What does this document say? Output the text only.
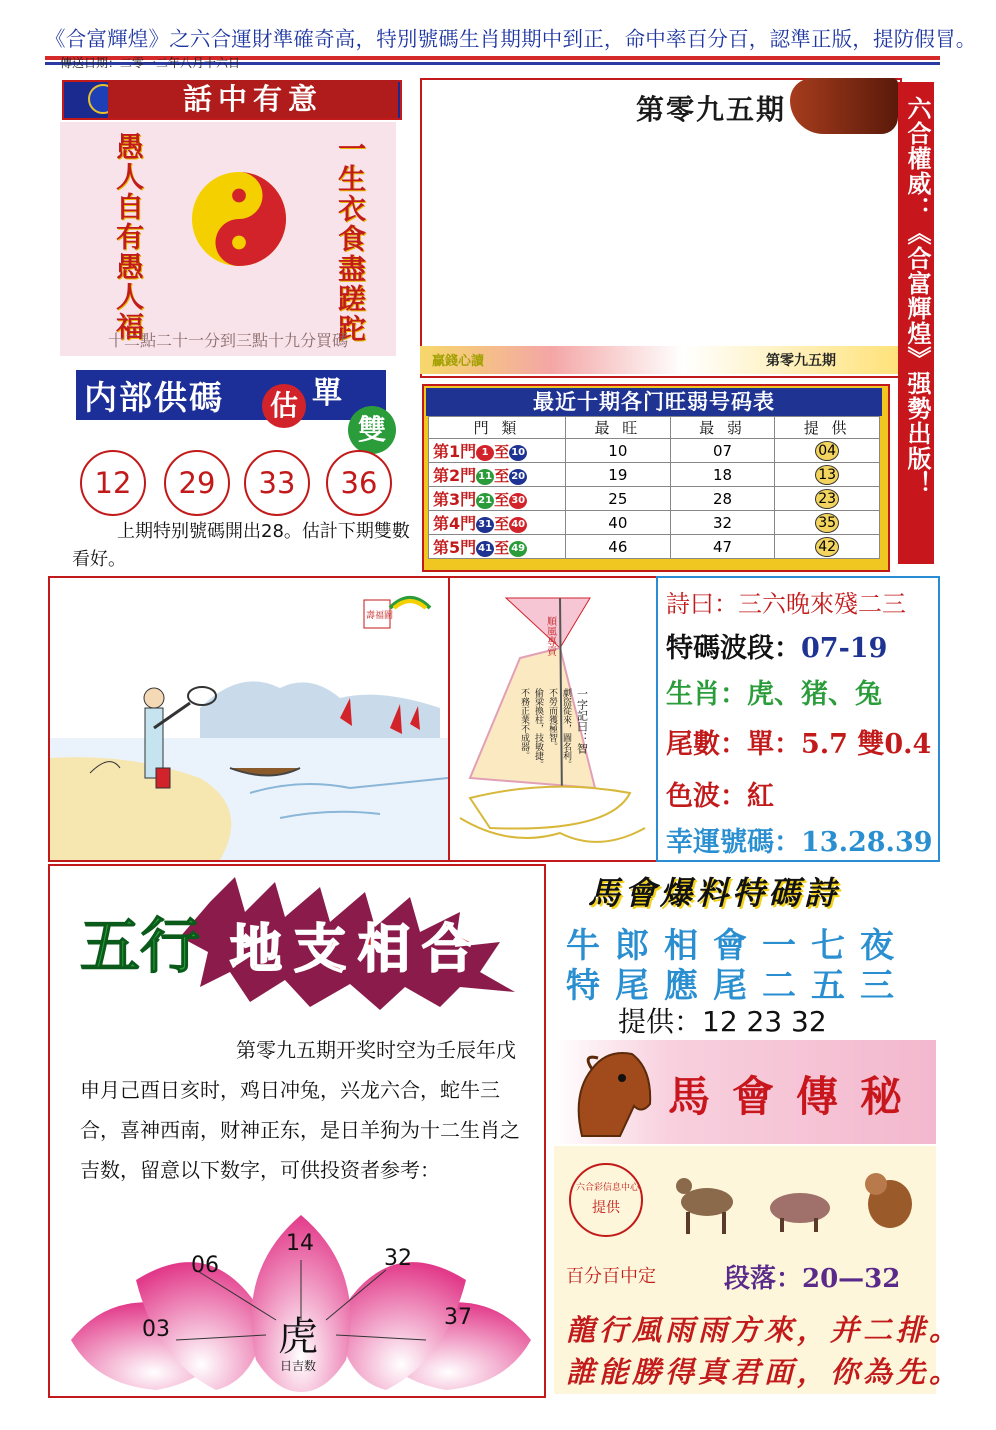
《合富輝煌》之六合運財準確奇高，特別號碼生肖期期中到正，命中率百分百，認準正版，提防假冒。
傳送日期：二零一二年八月十六日
話中有意
愚人自有愚人福	一生衣食盡蹉跎
十二點二十一分到三點十九分買碼
内部供碼 估 單
雙
12	29	33	36
上期特别號碼開出28。估計下期雙數看好。
第零九五期
贏錢心讀	第零九五期
最近十期各门旺弱号码表
門 類	最 旺	最 弱	提 供
第1門 1 至 10	10	07	04
第2門 11 至 20	19	18	13
第3門 21 至 30	25	28	23
第4門 31 至 40	40	32	35
第5門 41 至 49	46	47	42
六合權威：《合富輝煌》强勢出版！
壽福圖	順風專賣
一字記曰：智
劇盜從來，圖名利。
不勞而獲極智。
偷梁換柱，技敏捷。
不務正業不成器。
詩曰：三六晚來殘二三
特碼波段：07-19
生肖：虎、猪、兔
尾數：單：5.7 雙0.4
色波：紅
幸運號碼：13.28.39
五行 地支相合
第零九五期开奖时空为壬辰年戊申月己酉日亥时，鸡日冲兔，兴龙六合，蛇牛三合，喜神西南，财神正东，是日羊狗为十二生肖之吉数，留意以下数字，可供投资者参考：
14
06	32
03	37
虎
日吉数
馬會爆料特碼詩
牛郎相會一七夜
特尾應尾二五三
提供：12 23 32
馬會傳秘
六合彩信息中心
提供
百分百中定	段落：20—32
龍行風雨雨方來，并二排。
誰能勝得真君面，你為先。
